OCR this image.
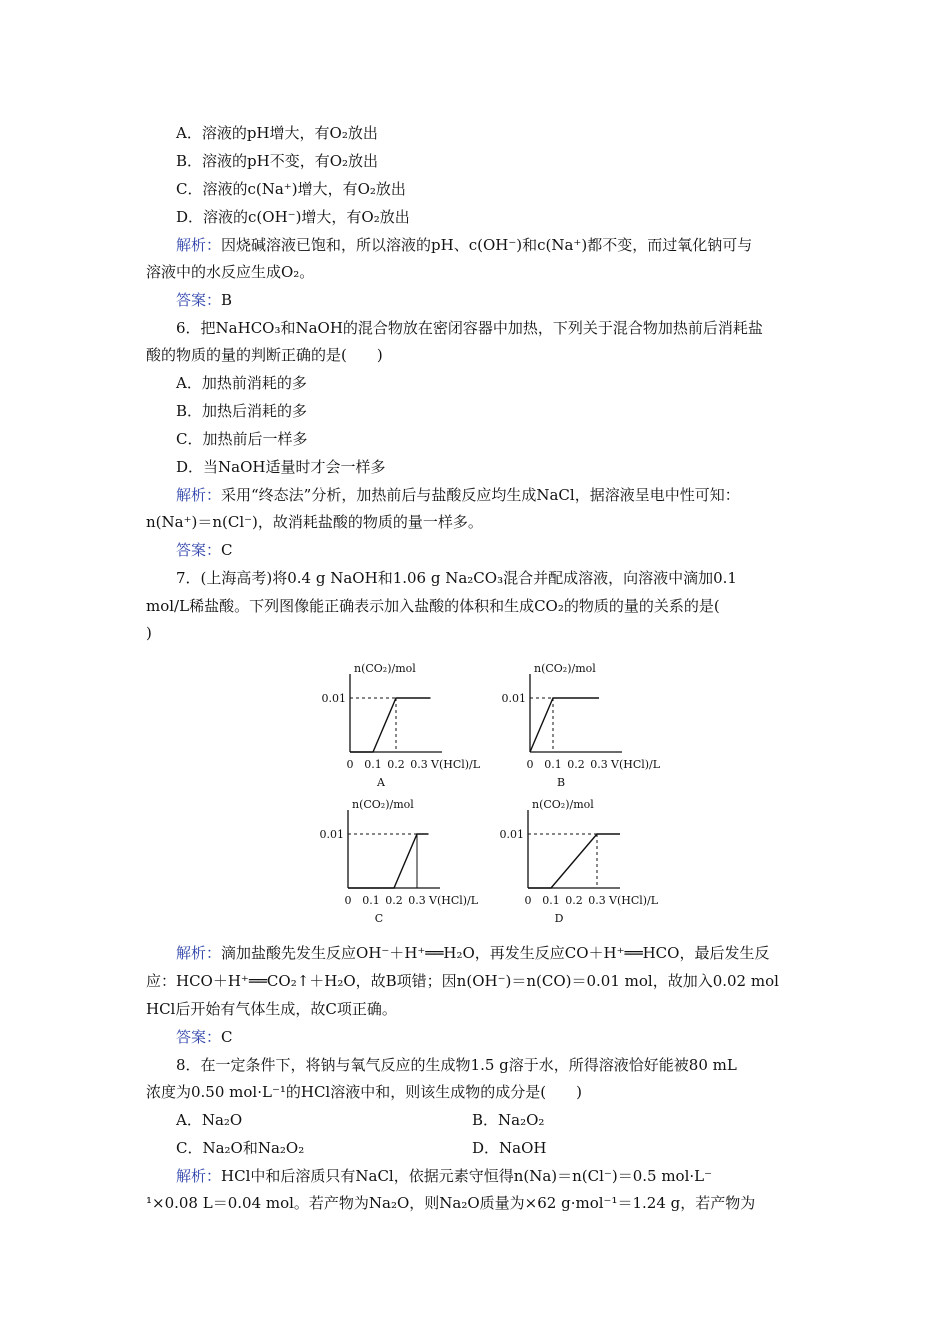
A．溶液的pH增大，有O₂放出
B．溶液的pH不变，有O₂放出
C．溶液的c(Na⁺)增大，有O₂放出
D．溶液的c(OH⁻)增大，有O₂放出
解析：因烧碱溶液已饱和，所以溶液的pH、c(OH⁻)和c(Na⁺)都不变，而过氧化钠可与
溶液中的水反应生成O₂。
答案：B
6．把NaHCO₃和NaOH的混合物放在密闭容器中加热，下列关于混合物加热前后消耗盐
酸的物质的量的判断正确的是(　　)
A．加热前消耗的多
B．加热后消耗的多
C．加热前后一样多
D．当NaOH适量时才会一样多
解析：采用“终态法”分析，加热前后与盐酸反应均生成NaCl，据溶液呈电中性可知：
n(Na⁺)＝n(Cl⁻)，故消耗盐酸的物质的量一样多。
答案：C
7．(上海高考)将0.4 g NaOH和1.06 g Na₂CO₃混合并配成溶液，向溶液中滴加0.1
mol/L稀盐酸。下列图像能正确表示加入盐酸的体积和生成CO₂的物质的量的关系的是(
)
n(CO₂)/mol
0.01
0 0.1 0.2 0.3 V(HCl)/L
A
n(CO₂)/mol
0.01
0 0.1 0.2 0.3 V(HCl)/L
B
n(CO₂)/mol
0.01
0 0.1 0.2 0.3 V(HCl)/L
C
n(CO₂)/mol
0.01
0 0.1 0.2 0.3 V(HCl)/L
D
解析：滴加盐酸先发生反应OH⁻＋H⁺══H₂O，再发生反应CO＋H⁺══HCO，最后发生反
应：HCO＋H⁺══CO₂↑＋H₂O，故B项错；因n(OH⁻)＝n(CO)＝0.01 mol，故加入0.02 mol
HCl后开始有气体生成，故C项正确。
答案：C
8．在一定条件下，将钠与氧气反应的生成物1.5 g溶于水，所得溶液恰好能被80 mL
浓度为0.50 mol·L⁻¹的HCl溶液中和，则该生成物的成分是(　　)
A．Na₂O	B．Na₂O₂
C．Na₂O和Na₂O₂	D．NaOH
解析：HCl中和后溶质只有NaCl，依据元素守恒得n(Na)＝n(Cl⁻)＝0.5 mol·L⁻
¹×0.08 L＝0.04 mol。若产物为Na₂O，则Na₂O质量为×62 g·mol⁻¹＝1.24 g，若产物为
